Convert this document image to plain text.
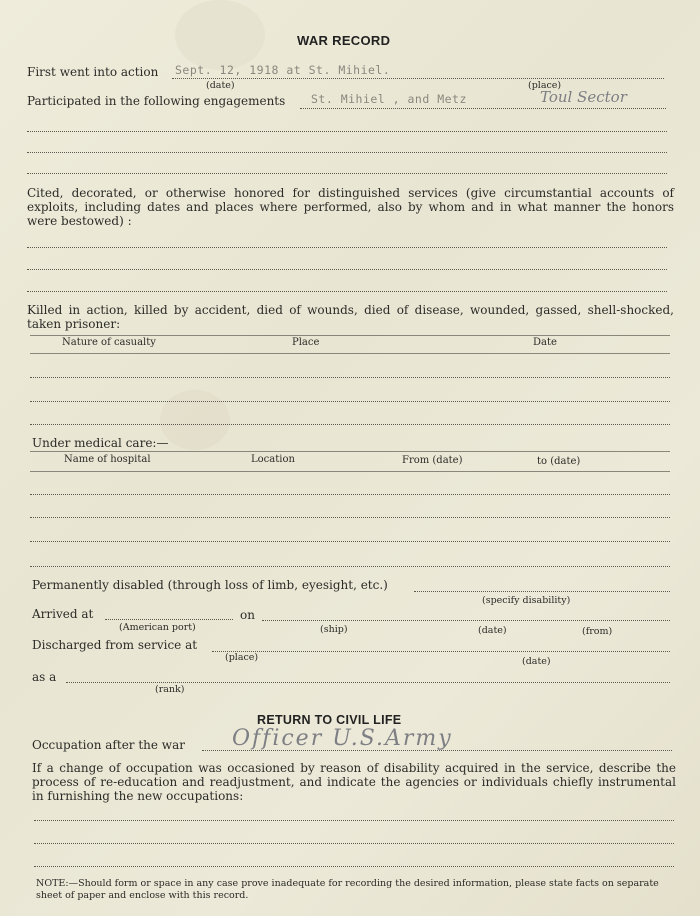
WAR RECORD
First went into action Sept. 12, 1918 at St. Mihiel.
(date)	(place)
Participated in the following engagements St. Mihiel , and Metz	Toul Sector
Cited, decorated, or otherwise honored for distinguished services (give circumstantial accounts of exploits, including dates and places where performed, also by whom and in what manner the honors were bestowed) :
Killed in action, killed by accident, died of wounds, died of disease, wounded, gassed, shell-shocked, taken prisoner:
Nature of casualty	Place	Date
Under medical care:—
Name of hospital	Location	From (date)	to (date)
Permanently disabled (through loss of limb, eyesight, etc.)
(specify disability)
Arrived at	on
(American port)	(ship)	(date)	(from)
Discharged from service at
(place)	(date)
as a
(rank)
RETURN TO CIVIL LIFE
Occupation after the war Officer U.S.Army
If a change of occupation was occasioned by reason of disability acquired in the service, describe the process of re-education and readjustment, and indicate the agencies or individuals chiefly instrumental in furnishing the new occupations:
NOTE:—Should form or space in any case prove inadequate for recording the desired information, please state facts on separate sheet of paper and enclose with this record.
